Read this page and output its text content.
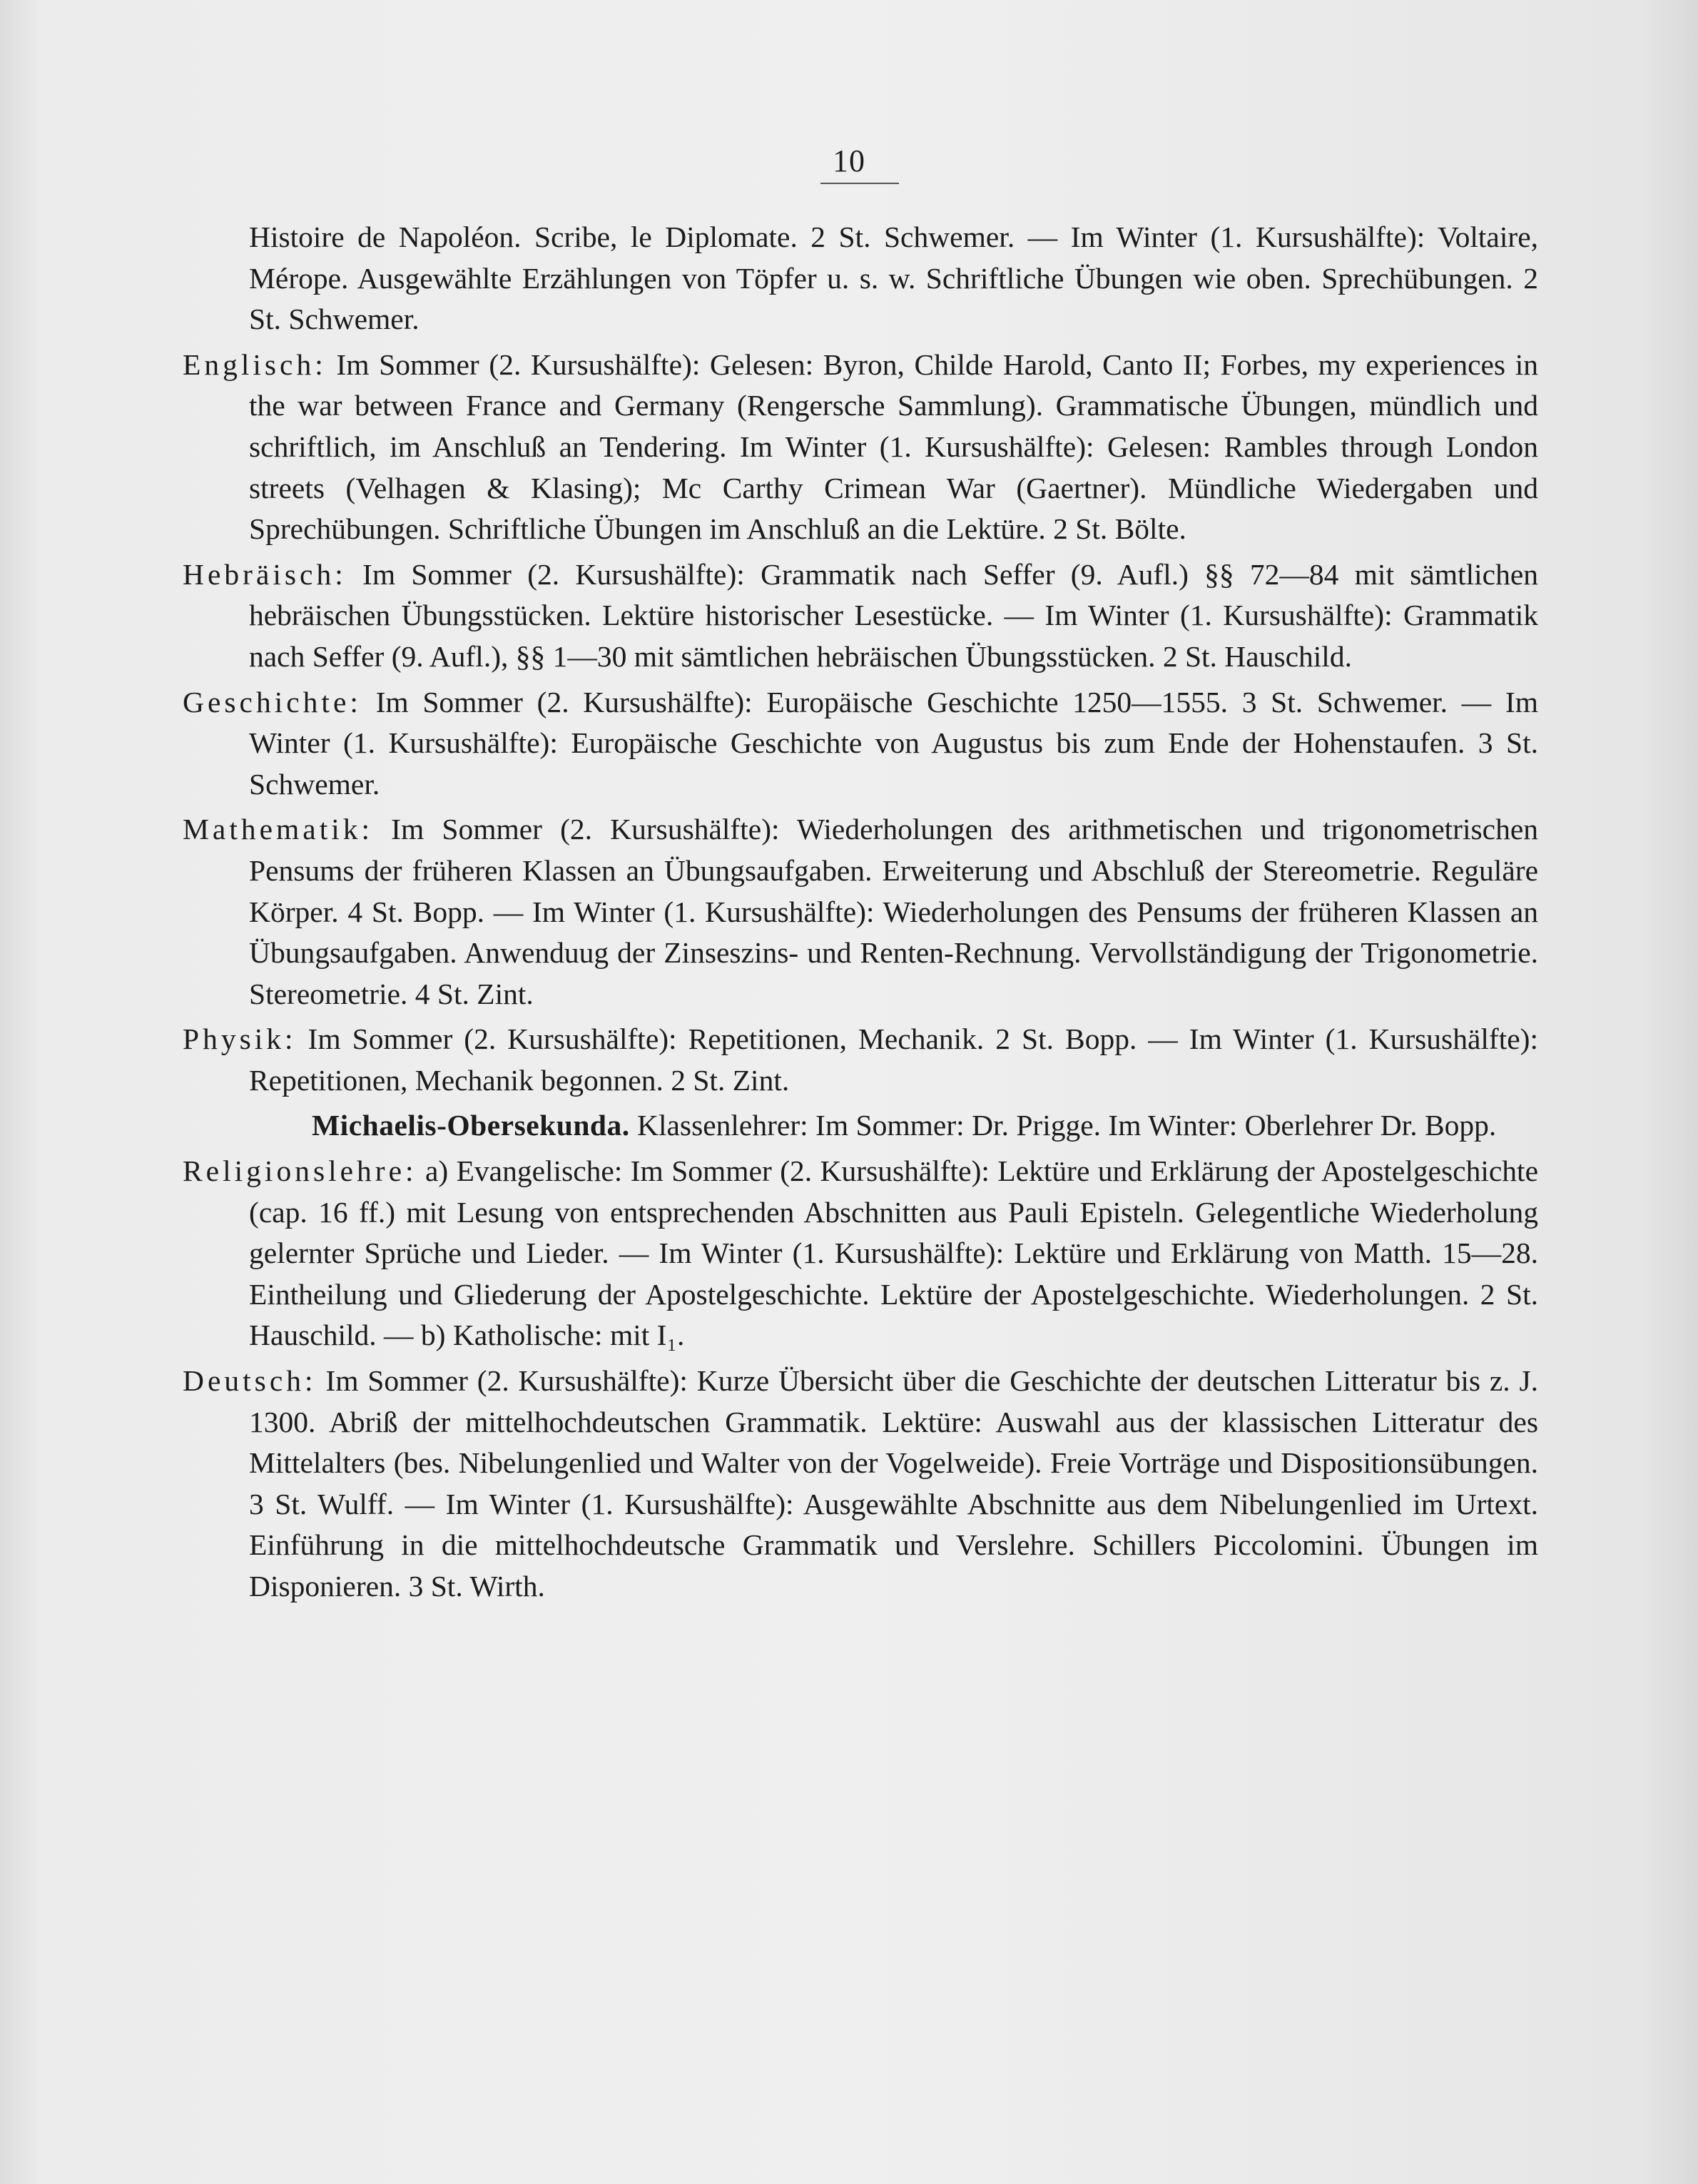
10

Histoire de Napoléon. Scribe, le Diplomate. 2 St. Schwemer. — Im Winter (1. Kursushälfte): Voltaire, Mérope. Ausgewählte Erzählungen von Töpfer u. s. w. Schriftliche Übungen wie oben. Sprechübungen. 2 St. Schwemer.

Englisch: Im Sommer (2. Kursushälfte): Gelesen: Byron, Childe Harold, Canto II; Forbes, my experiences in the war between France and Germany (Rengersche Sammlung). Grammatische Übungen, mündlich und schriftlich, im Anschluß an Tendering. Im Winter (1. Kursushälfte): Gelesen: Rambles through London streets (Velhagen & Klasing); Mc Carthy Crimean War (Gaertner). Mündliche Wiedergaben und Sprechübungen. Schriftliche Übungen im Anschluß an die Lektüre. 2 St. Bölte.

Hebräisch: Im Sommer (2. Kursushälfte): Grammatik nach Seffer (9. Aufl.) §§ 72—84 mit sämtlichen hebräischen Übungsstücken. Lektüre historischer Lesestücke. — Im Winter (1. Kursushälfte): Grammatik nach Seffer (9. Aufl.), §§ 1—30 mit sämtlichen hebräischen Übungsstücken. 2 St. Hauschild.

Geschichte: Im Sommer (2. Kursushälfte): Europäische Geschichte 1250—1555. 3 St. Schwemer. — Im Winter (1. Kursushälfte): Europäische Geschichte von Augustus bis zum Ende der Hohenstaufen. 3 St. Schwemer.

Mathematik: Im Sommer (2. Kursushälfte): Wiederholungen des arithmetischen und trigonometrischen Pensums der früheren Klassen an Übungsaufgaben. Erweiterung und Abschluß der Stereometrie. Reguläre Körper. 4 St. Bopp. — Im Winter (1. Kursushälfte): Wiederholungen des Pensums der früheren Klassen an Übungsaufgaben. Anwenduug der Zinseszins- und Renten-Rechnung. Vervollständigung der Trigonometrie. Stereometrie. 4 St. Zint.

Physik: Im Sommer (2. Kursushälfte): Repetitionen, Mechanik. 2 St. Bopp. — Im Winter (1. Kursushälfte): Repetitionen, Mechanik begonnen. 2 St. Zint.

Michaelis-Obersekunda. Klassenlehrer: Im Sommer: Dr. Prigge. Im Winter: Oberlehrer Dr. Bopp.

Religionslehre: a) Evangelische: Im Sommer (2. Kursushälfte): Lektüre und Erklärung der Apostelgeschichte (cap. 16 ff.) mit Lesung von entsprechenden Abschnitten aus Pauli Episteln. Gelegentliche Wiederholung gelernter Sprüche und Lieder. — Im Winter (1. Kursushälfte): Lektüre und Erklärung von Matth. 15—28. Eintheilung und Gliederung der Apostelgeschichte. Lektüre der Apostelgeschichte. Wiederholungen. 2 St. Hauschild. — b) Katholische: mit I₁.

Deutsch: Im Sommer (2. Kursushälfte): Kurze Übersicht über die Geschichte der deutschen Litteratur bis z. J. 1300. Abriß der mittelhochdeutschen Grammatik. Lektüre: Auswahl aus der klassischen Litteratur des Mittelalters (bes. Nibelungenlied und Walter von der Vogelweide). Freie Vorträge und Dispositionsübungen. 3 St. Wulff. — Im Winter (1. Kursushälfte): Ausgewählte Abschnitte aus dem Nibelungenlied im Urtext. Einführung in die mittelhochdeutsche Grammatik und Verslehre. Schillers Piccolomini. Übungen im Disponieren. 3 St. Wirth.
